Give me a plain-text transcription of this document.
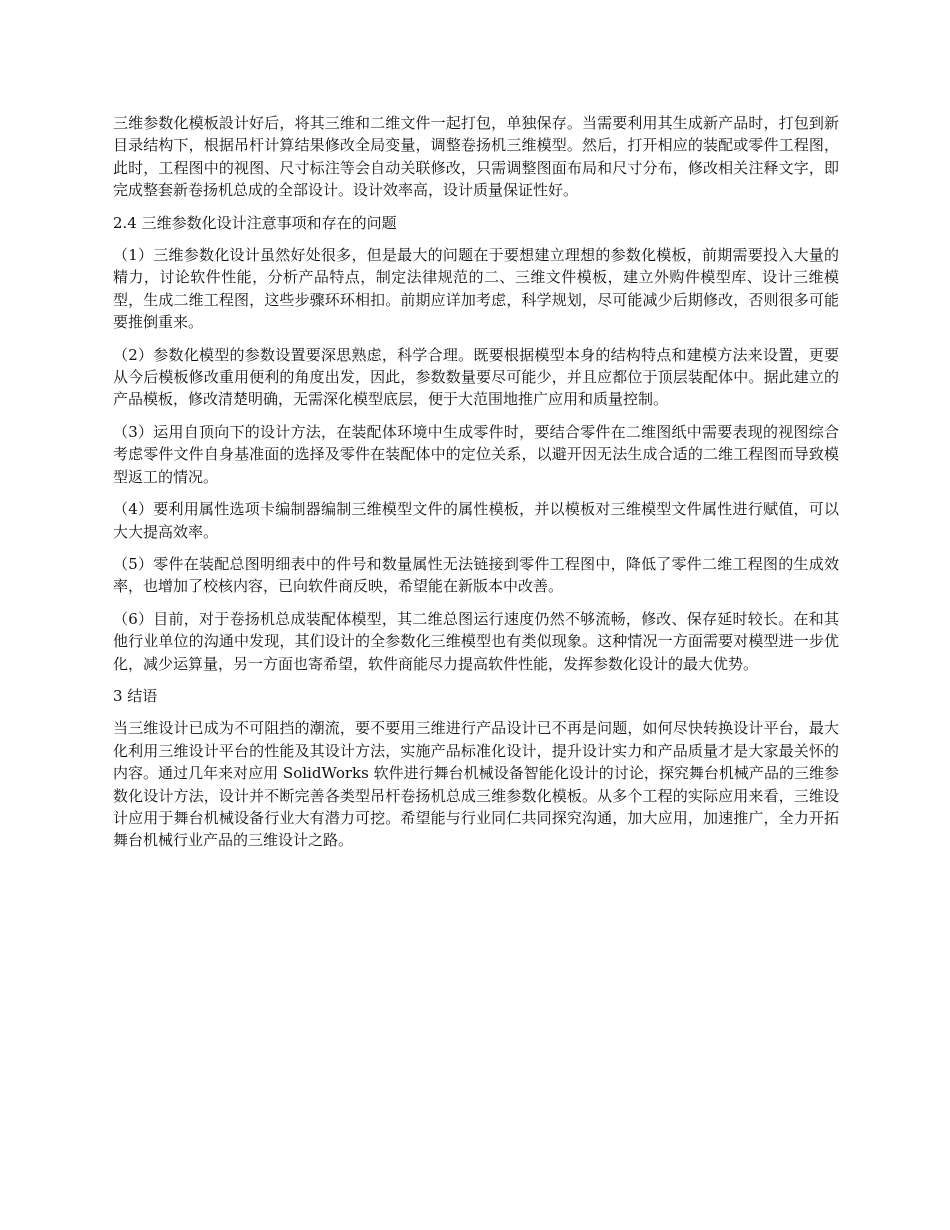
三维参数化模板設计好后，将其三维和二维文件一起打包，单独保存。当需要利用其生成新产品时，打包到新目录结构下，根据吊杆计算结果修改全局变量，调整卷扬机三维模型。然后，打开相应的装配或零件工程图，此时，工程图中的视图、尺寸标注等会自动关联修改，只需调整图面布局和尺寸分布，修改相关注释文字，即完成整套新卷扬机总成的全部设计。设计效率高，设计质量保证性好。

2.4 三维参数化设计注意事项和存在的问题

（1）三维参数化设计虽然好处很多，但是最大的问题在于要想建立理想的参数化模板，前期需要投入大量的精力，讨论软件性能，分析产品特点，制定法律规范的二、三维文件模板，建立外购件模型库、设计三维模型，生成二维工程图，这些步骤环环相扣。前期应详加考虑，科学规划，尽可能减少后期修改，否则很多可能要推倒重来。

（2）参数化模型的参数设置要深思熟虑，科学合理。既要根据模型本身的结构特点和建模方法来设置，更要从今后模板修改重用便利的角度出发，因此，参数数量要尽可能少，并且应都位于顶层装配体中。据此建立的产品模板，修改清楚明确，无需深化模型底层，便于大范围地推广应用和质量控制。

（3）运用自顶向下的设计方法，在装配体环境中生成零件时，要结合零件在二维图纸中需要表现的视图综合考虑零件文件自身基准面的选择及零件在装配体中的定位关系，以避开因无法生成合适的二维工程图而导致模型返工的情况。

（4）要利用属性选项卡编制器编制三维模型文件的属性模板，并以模板对三维模型文件属性进行赋值，可以大大提高效率。

（5）零件在装配总图明细表中的件号和数量属性无法链接到零件工程图中，降低了零件二维工程图的生成效率，也增加了校核内容，已向软件商反映，希望能在新版本中改善。

（6）目前，对于卷扬机总成装配体模型，其二维总图运行速度仍然不够流畅，修改、保存延时较长。在和其他行业单位的沟通中发现，其们设计的全参数化三维模型也有类似现象。这种情况一方面需要对模型进一步优化，减少运算量，另一方面也寄希望，软件商能尽力提高软件性能，发挥参数化设计的最大优势。

3 结语

当三维设计已成为不可阻挡的潮流，要不要用三维进行产品设计已不再是问题，如何尽快转换设计平台，最大化利用三维设计平台的性能及其设计方法，实施产品标准化设计，提升设计实力和产品质量才是大家最关怀的内容。通过几年来对应用 SolidWorks 软件进行舞台机械设备智能化设计的讨论，探究舞台机械产品的三维参数化设计方法，设计并不断完善各类型吊杆卷扬机总成三维参数化模板。从多个工程的实际应用来看，三维设计应用于舞台机械设备行业大有潜力可挖。希望能与行业同仁共同探究沟通，加大应用，加速推广，全力开拓舞台机械行业产品的三维设计之路。
